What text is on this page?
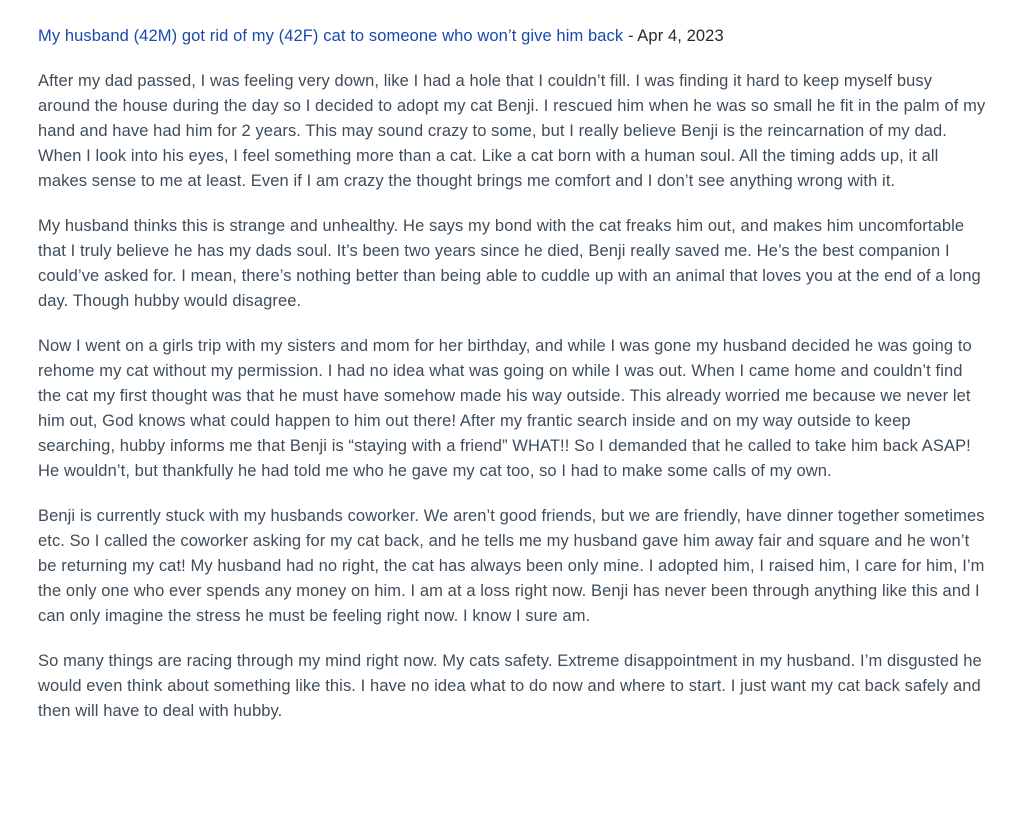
My husband (42M) got rid of my (42F) cat to someone who won’t give him back - Apr 4, 2023

After my dad passed, I was feeling very down, like I had a hole that I couldn’t fill. I was finding it hard to keep myself busy around the house during the day so I decided to adopt my cat Benji. I rescued him when he was so small he fit in the palm of my hand and have had him for 2 years. This may sound crazy to some, but I really believe Benji is the reincarnation of my dad. When I look into his eyes, I feel something more than a cat. Like a cat born with a human soul. All the timing adds up, it all makes sense to me at least. Even if I am crazy the thought brings me comfort and I don’t see anything wrong with it.

My husband thinks this is strange and unhealthy. He says my bond with the cat freaks him out, and makes him uncomfortable that I truly believe he has my dads soul. It’s been two years since he died, Benji really saved me. He’s the best companion I could’ve asked for. I mean, there’s nothing better than being able to cuddle up with an animal that loves you at the end of a long day. Though hubby would disagree.

Now I went on a girls trip with my sisters and mom for her birthday, and while I was gone my husband decided he was going to rehome my cat without my permission. I had no idea what was going on while I was out. When I came home and couldn’t find the cat my first thought was that he must have somehow made his way outside. This already worried me because we never let him out, God knows what could happen to him out there! After my frantic search inside and on my way outside to keep searching, hubby informs me that Benji is “staying with a friend” WHAT!! So I demanded that he called to take him back ASAP! He wouldn’t, but thankfully he had told me who he gave my cat too, so I had to make some calls of my own.

Benji is currently stuck with my husbands coworker. We aren’t good friends, but we are friendly, have dinner together sometimes etc. So I called the coworker asking for my cat back, and he tells me my husband gave him away fair and square and he won’t be returning my cat! My husband had no right, the cat has always been only mine. I adopted him, I raised him, I care for him, I’m the only one who ever spends any money on him. I am at a loss right now. Benji has never been through anything like this and I can only imagine the stress he must be feeling right now. I know I sure am.

So many things are racing through my mind right now. My cats safety. Extreme disappointment in my husband. I’m disgusted he would even think about something like this. I have no idea what to do now and where to start. I just want my cat back safely and then will have to deal with hubby.
